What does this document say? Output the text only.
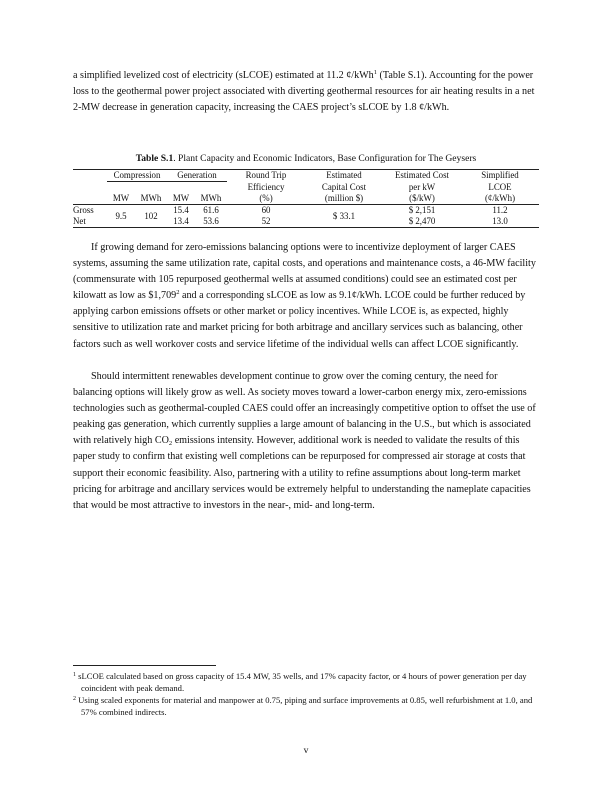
a simplified levelized cost of electricity (sLCOE) estimated at 11.2 ¢/kWh$^1$ (Table S.1). Accounting for the power loss to the geothermal power project associated with diverting geothermal resources for air heating results in a net 2-MW decrease in generation capacity, increasing the CAES project’s sLCOE by 1.8 ¢/kWh.

Table S.1. Plant Capacity and Economic Indicators, Base Configuration for The Geysers
	Compression		Generation		Round Trip	Estimated	Estimated Cost	Simplified
					Efficiency	Capital Cost	per kW	LCOE
	MW	MWh	MW	MWh	(%)	(million $)	($/kW)	(¢/kWh)
Gross	9.5	102	15.4	61.6	60	$ 33.1	$ 2,151	11.2
Net			13.4	53.6	52		$ 2,470	13.0

If growing demand for zero-emissions balancing options were to incentivize deployment of larger CAES systems, assuming the same utilization rate, capital costs, and operations and maintenance costs, a 46-MW facility (commensurate with 105 repurposed geothermal wells at assumed conditions) could see an estimated cost per kilowatt as low as $1,709$^2$ and a corresponding sLCOE as low as 9.1¢/kWh. LCOE could be further reduced by applying carbon emissions offsets or other market or policy incentives. While LCOE is, as expected, highly sensitive to utilization rate and market pricing for both arbitrage and ancillary services such as balancing, other factors such as well workover costs and service lifetime of the individual wells can affect LCOE significantly.

Should intermittent renewables development continue to grow over the coming century, the need for balancing options will likely grow as well. As society moves toward a lower-carbon energy mix, zero-emissions technologies such as geothermal-coupled CAES could offer an increasingly competitive option to offset the use of peaking gas generation, which currently supplies a large amount of balancing in the U.S., but which is associated with relatively high $CO_2$ emissions intensity. However, additional work is needed to validate the results of this paper study to confirm that existing well completions can be repurposed for compressed air storage at costs that support their economic feasibility. Also, partnering with a utility to refine assumptions about long-term market pricing for arbitrage and ancillary services would be extremely helpful to understanding the nameplate capacities that would be most attractive to investors in the near-, mid- and long-term.

$^1$ sLCOE calculated based on gross capacity of 15.4 MW, 35 wells, and 17% capacity factor, or 4 hours of power generation per day coincident with peak demand.

$^2$ Using scaled exponents for material and manpower at 0.75, piping and surface improvements at 0.85, well refurbishment at 1.0, and 57% combined indirects.

v
